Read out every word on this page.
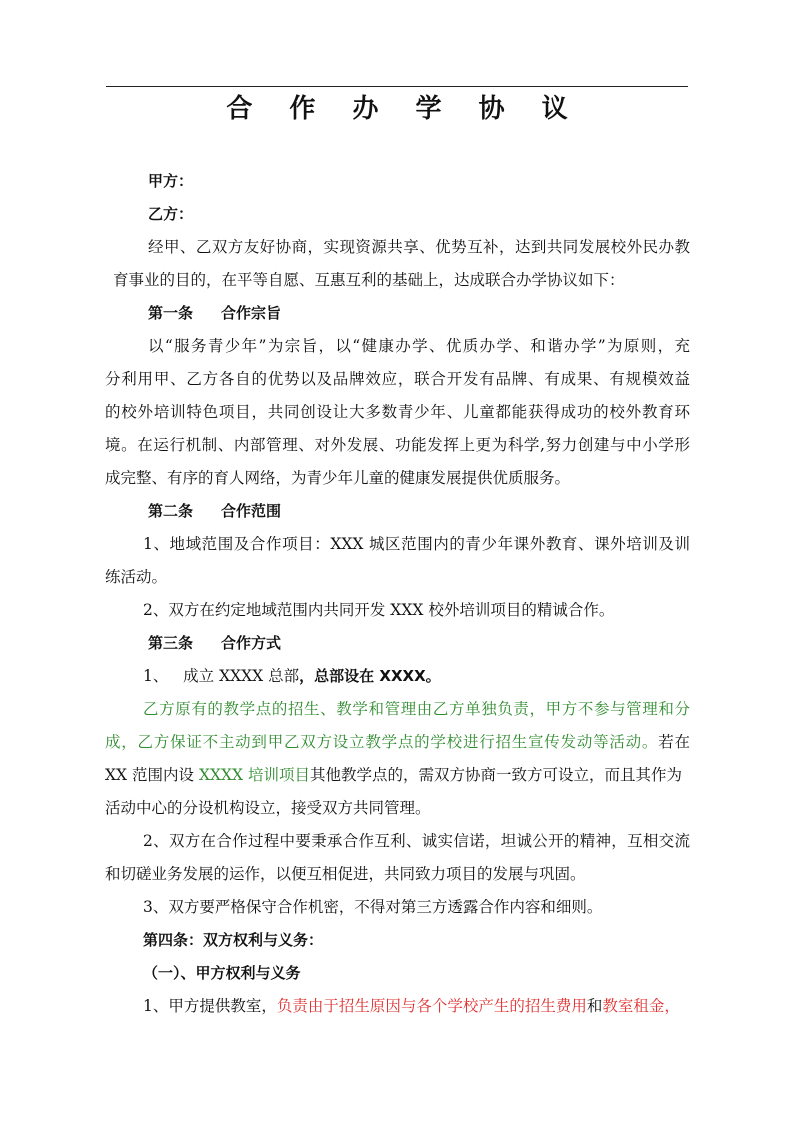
合 作 办 学 协 议
甲方：
乙方：
经甲、乙双方友好协商，实现资源共享、优势互补，达到共同发展校外民办教
育事业的目的，在平等自愿、互惠互利的基础上，达成联合办学协议如下：
第一条 合作宗旨
以“服务青少年”为宗旨，以“健康办学、优质办学、和谐办学”为原则，充
分利用甲、乙方各自的优势以及品牌效应，联合开发有品牌、有成果、有规模效益
的校外培训特色项目，共同创设让大多数青少年、儿童都能获得成功的校外教育环
境。在运行机制、内部管理、对外发展、功能发挥上更为科学,努力创建与中小学形
成完整、有序的育人网络，为青少年儿童的健康发展提供优质服务。
第二条 合作范围
1、地域范围及合作项目：XXX 城区范围内的青少年课外教育、课外培训及训
练活动。
2、双方在约定地域范围内共同开发 XXX 校外培训项目的精诚合作。
第三条 合作方式
1、 成立 XXXX 总部，总部设在 XXXX。
乙方原有的教学点的招生、教学和管理由乙方单独负责，甲方不参与管理和分
成，乙方保证不主动到甲乙双方设立教学点的学校进行招生宣传发动等活动。若在
XX 范围内设 XXXX 培训项目其他教学点的，需双方协商一致方可设立，而且其作为
活动中心的分设机构设立，接受双方共同管理。
2、双方在合作过程中要秉承合作互利、诚实信诺，坦诚公开的精神，互相交流
和切磋业务发展的运作，以便互相促进，共同致力项目的发展与巩固。
3、双方要严格保守合作机密，不得对第三方透露合作内容和细则。
第四条：双方权利与义务：
（一）、甲方权利与义务
1、甲方提供教室，负责由于招生原因与各个学校产生的招生费用和教室租金，
